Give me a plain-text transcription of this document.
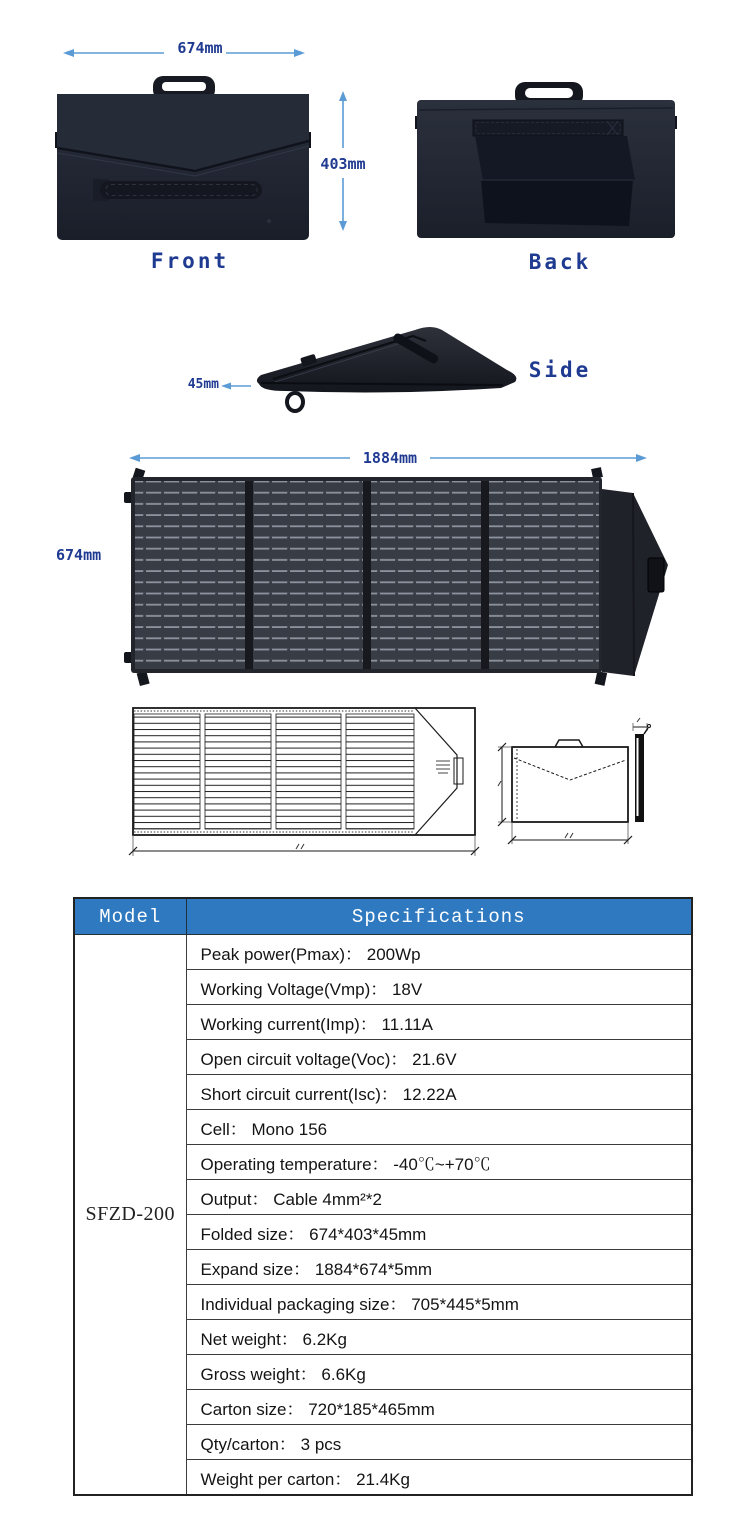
674mm
403mm
Front	Back
45mm
Side
1884mm
674mm
Model	Specifications
SFZD-200	Peak power(Pmax)： 200Wp
	Working Voltage(Vmp)： 18V
	Working current(Imp)： 11.11A
	Open circuit voltage(Voc)： 21.6V
	Short circuit current(Isc)： 12.22A
	Cell： Mono 156
	Operating temperature： -40℃~+70℃
	Output： Cable 4mm²*2
	Folded size： 674*403*45mm
	Expand size： 1884*674*5mm
	Individual packaging size： 705*445*5mm
	Net weight： 6.2Kg
	Gross weight： 6.6Kg
	Carton size： 720*185*465mm
	Qty/carton： 3 pcs
	Weight per carton： 21.4Kg
